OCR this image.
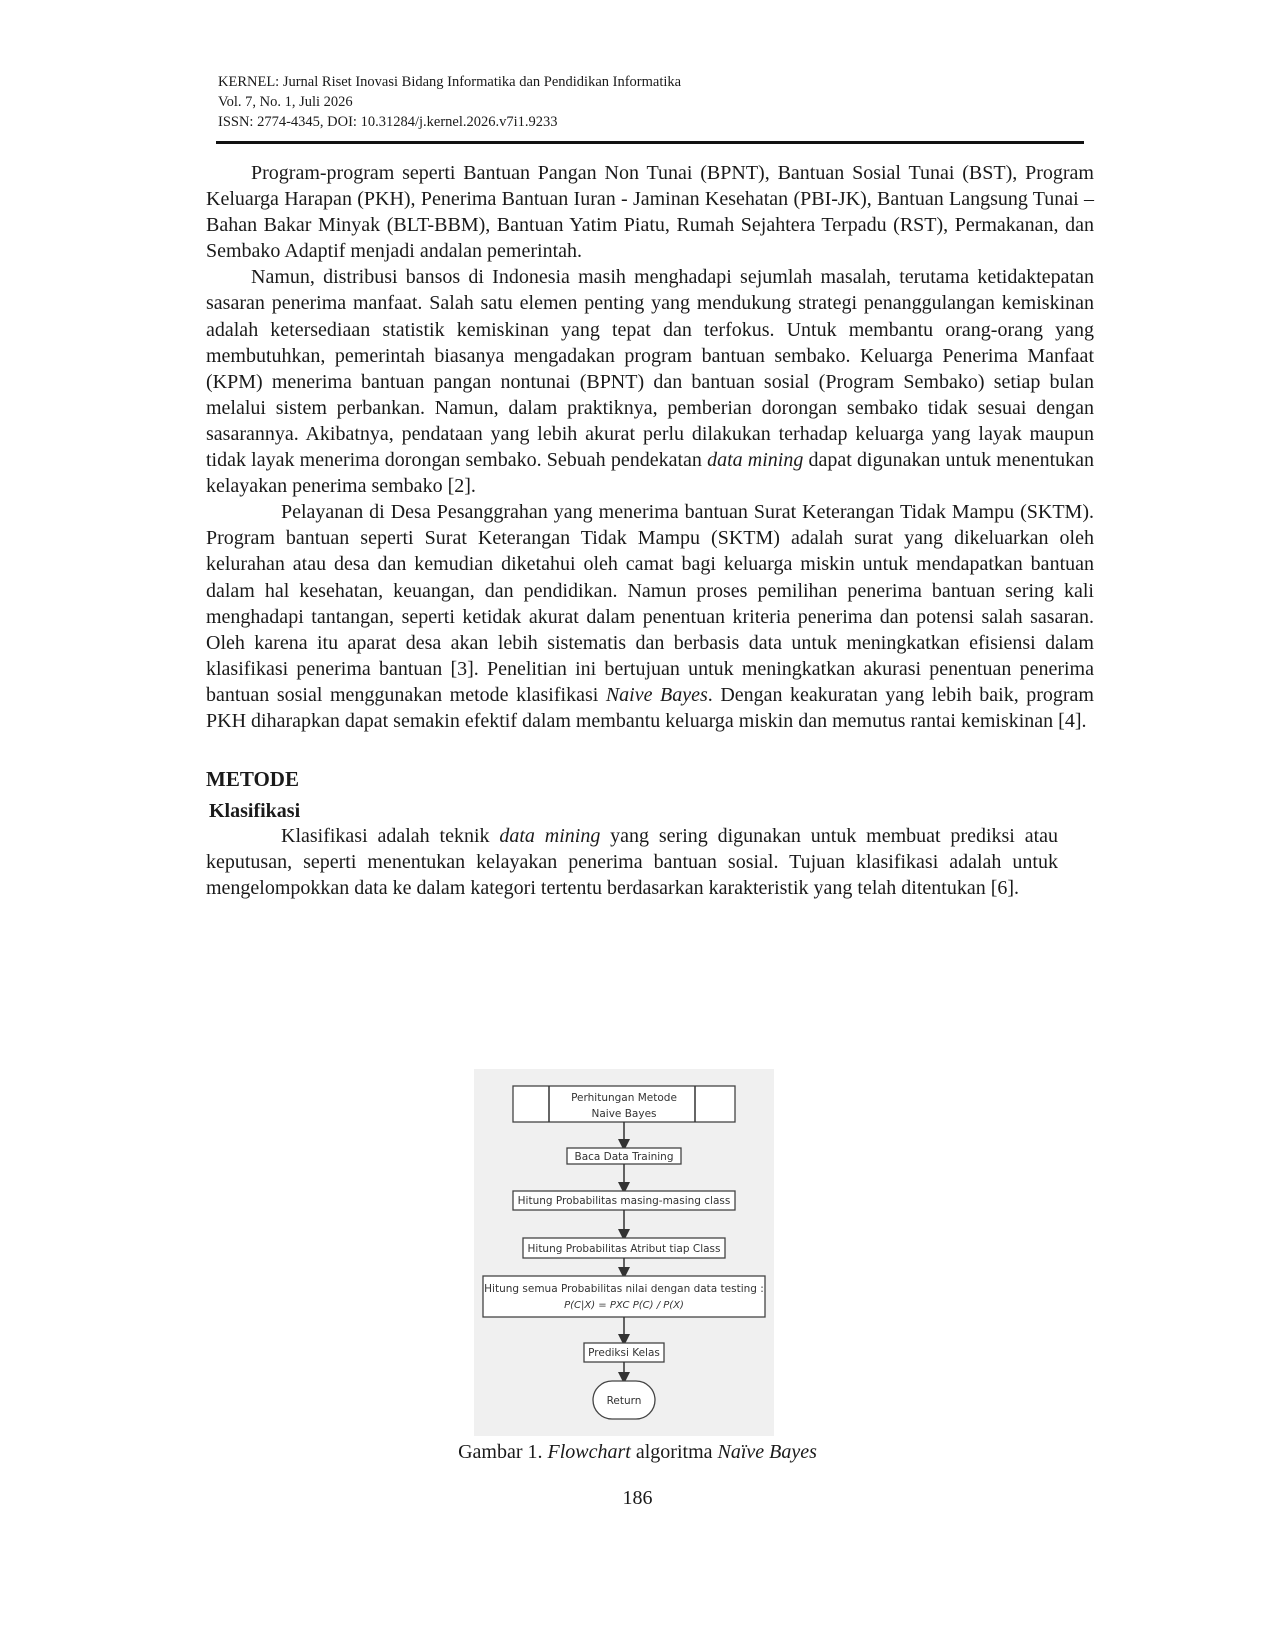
KERNEL: Jurnal Riset Inovasi Bidang Informatika dan Pendidikan Informatika
Vol. 7, No. 1, Juli 2026
ISSN: 2774-4345, DOI: 10.31284/j.kernel.2026.v7i1.9233

Program-program seperti Bantuan Pangan Non Tunai (BPNT), Bantuan Sosial Tunai (BST), Program Keluarga Harapan (PKH), Penerima Bantuan Iuran - Jaminan Kesehatan (PBI-JK), Bantuan Langsung Tunai – Bahan Bakar Minyak (BLT-BBM), Bantuan Yatim Piatu, Rumah Sejahtera Terpadu (RST), Permakanan, dan Sembako Adaptif menjadi andalan pemerintah.

Namun, distribusi bansos di Indonesia masih menghadapi sejumlah masalah, terutama ketidaktepatan sasaran penerima manfaat. Salah satu elemen penting yang mendukung strategi penanggulangan kemiskinan adalah ketersediaan statistik kemiskinan yang tepat dan terfokus. Untuk membantu orang-orang yang membutuhkan, pemerintah biasanya mengadakan program bantuan sembako. Keluarga Penerima Manfaat (KPM) menerima bantuan pangan nontunai (BPNT) dan bantuan sosial (Program Sembako) setiap bulan melalui sistem perbankan. Namun, dalam praktiknya, pemberian dorongan sembako tidak sesuai dengan sasarannya. Akibatnya, pendataan yang lebih akurat perlu dilakukan terhadap keluarga yang layak maupun tidak layak menerima dorongan sembako. Sebuah pendekatan data mining dapat digunakan untuk menentukan kelayakan penerima sembako [2].

Pelayanan di Desa Pesanggrahan yang menerima bantuan Surat Keterangan Tidak Mampu (SKTM). Program bantuan seperti Surat Keterangan Tidak Mampu (SKTM) adalah surat yang dikeluarkan oleh kelurahan atau desa dan kemudian diketahui oleh camat bagi keluarga miskin untuk mendapatkan bantuan dalam hal kesehatan, keuangan, dan pendidikan. Namun proses pemilihan penerima bantuan sering kali menghadapi tantangan, seperti ketidak akurat dalam penentuan kriteria penerima dan potensi salah sasaran. Oleh karena itu aparat desa akan lebih sistematis dan berbasis data untuk meningkatkan efisiensi dalam klasifikasi penerima bantuan [3]. Penelitian ini bertujuan untuk meningkatkan akurasi penentuan penerima bantuan sosial menggunakan metode klasifikasi Naive Bayes. Dengan keakuratan yang lebih baik, program PKH diharapkan dapat semakin efektif dalam membantu keluarga miskin dan memutus rantai kemiskinan [4].

METODE

Klasifikasi

Klasifikasi adalah teknik data mining yang sering digunakan untuk membuat prediksi atau keputusan, seperti menentukan kelayakan penerima bantuan sosial. Tujuan klasifikasi adalah untuk mengelompokkan data ke dalam kategori tertentu berdasarkan karakteristik yang telah ditentukan [6].

Perhitungan Metode
Naive Bayes
Baca Data Training
Hitung Probabilitas masing-masing class
Hitung Probabilitas Atribut tiap Class
Hitung semua Probabilitas nilai dengan data testing :
P(C|X) = PXC P(C) / P(X)
Prediksi Kelas
Return
Gambar 1. Flowchart algoritma Naïve Bayes
186
